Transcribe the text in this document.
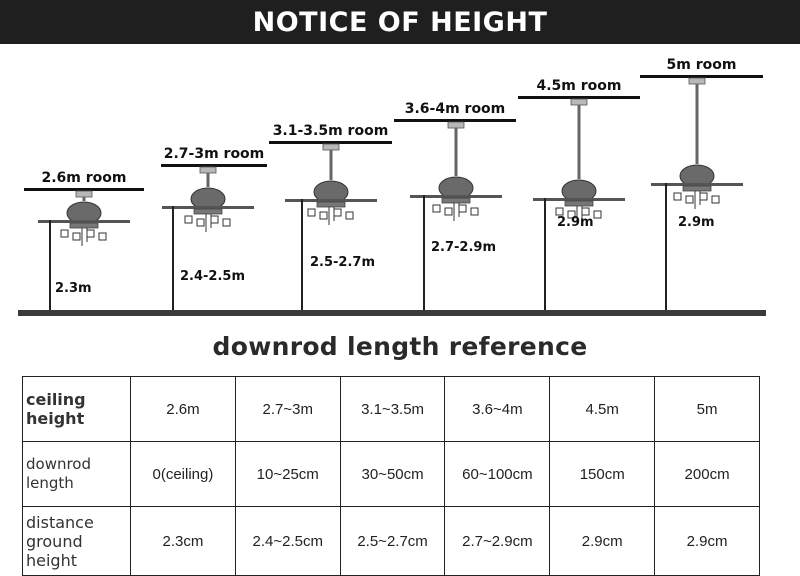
NOTICE OF HEIGHT
2.6m room
2.3m
2.7-3m room
2.4-2.5m
3.1-3.5m room
2.5-2.7m
3.6-4m room
2.7-2.9m
4.5m room
2.9m
5m room
2.9m
downrod length reference
ceiling height	2.6m	2.7~3m	3.1~3.5m	3.6~4m	4.5m	5m
downrod length	0(ceiling)	10~25cm	30~50cm	60~100cm	150cm	200cm

distance
ground height	2.3cm	2.4~2.5cm	2.5~2.7cm	2.7~2.9cm	2.9cm	2.9cm
